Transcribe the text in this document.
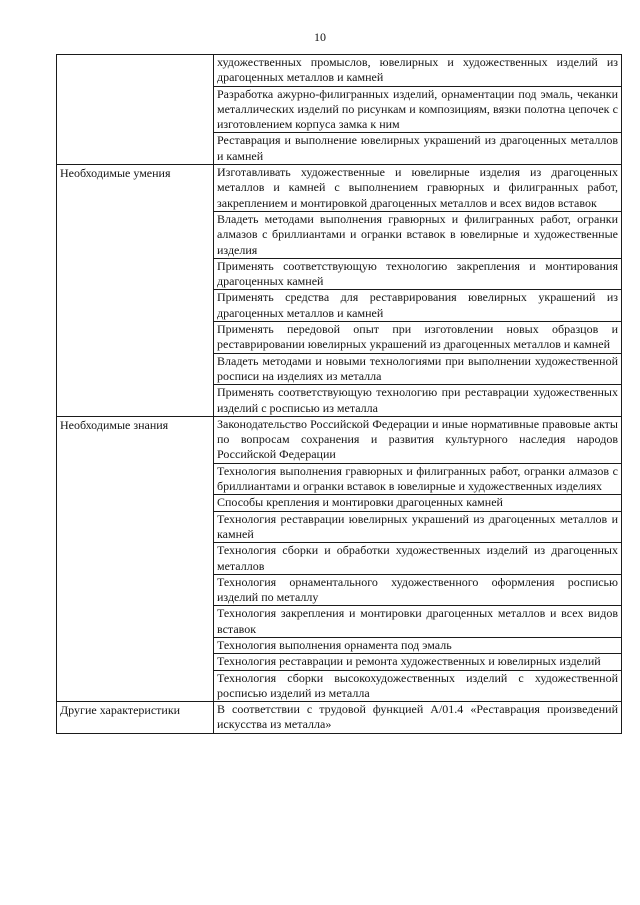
10
	художественных промыслов, ювелирных и художественных изделий из драгоценных металлов и камней
	Разработка ажурно-филигранных изделий, орнаментации под эмаль, чеканки металлических изделий по рисункам и композициям, вязки полотна цепочек с изготовлением корпуса замка к ним
	Реставрация и выполнение ювелирных украшений из драгоценных металлов и камней

Необходимые умения	Изготавливать художественные и ювелирные изделия из драгоценных металлов и камней с выполнением гравюрных и филигранных работ, закреплением и монтировкой драгоценных металлов и всех видов вставок
	Владеть методами выполнения гравюрных и филигранных работ, огранки алмазов с бриллиантами и огранки вставок в ювелирные и художественные изделия
	Применять соответствующую технологию закрепления и монтирования драгоценных камней
	Применять средства для реставрирования ювелирных украшений из драгоценных металлов и камней
	Применять передовой опыт при изготовлении новых образцов и реставрировании ювелирных украшений из драгоценных металлов и камней
	Владеть методами и новыми технологиями при выполнении художественной росписи на изделиях из металла
	Применять соответствующую технологию при реставрации художественных изделий с росписью из металла

Необходимые знания	Законодательство Российской Федерации и иные нормативные правовые акты по вопросам сохранения и развития культурного наследия народов Российской Федерации
	Технология выполнения гравюрных и филигранных работ, огранки алмазов с бриллиантами и огранки вставок в ювелирные и художественных изделиях
	Способы крепления и монтировки драгоценных камней
	Технология реставрации ювелирных украшений из драгоценных металлов и камней
	Технология сборки и обработки художественных изделий из драгоценных металлов
	Технология орнаментального художественного оформления росписью изделий по металлу
	Технология закрепления и монтировки драгоценных металлов и всех видов вставок
	Технология выполнения орнамента под эмаль
	Технология реставрации и ремонта художественных и ювелирных изделий
	Технология сборки высокохудожественных изделий с художественной росписью изделий из металла

Другие характеристики	В соответствии с трудовой функцией A/01.4 «Реставрация произведений искусства из металла»
